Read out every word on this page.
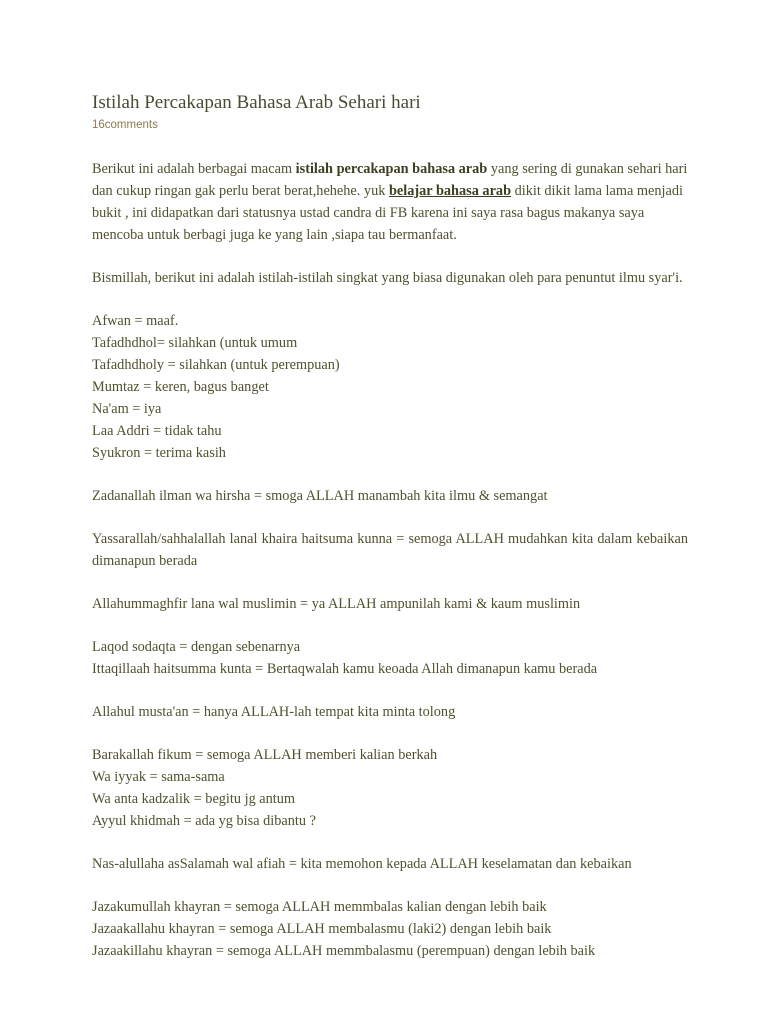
Istilah Percakapan Bahasa Arab Sehari hari
16comments

Berikut ini adalah berbagai macam istilah percakapan bahasa arab yang sering di gunakan sehari hari dan cukup ringan gak perlu berat berat,hehehe. yuk belajar bahasa arab dikit dikit lama lama menjadi bukit , ini didapatkan dari statusnya ustad candra di FB karena ini saya rasa bagus makanya saya mencoba untuk berbagi juga ke yang lain ,siapa tau bermanfaat.

Bismillah, berikut ini adalah istilah-istilah singkat yang biasa digunakan oleh para penuntut ilmu syar'i.

Afwan = maaf.
Tafadhdhol= silahkan (untuk umum
Tafadhdholy = silahkan (untuk perempuan)
Mumtaz = keren, bagus banget
Na'am = iya
Laa Addri = tidak tahu
Syukron = terima kasih

Zadanallah ilman wa hirsha = smoga ALLAH manambah kita ilmu & semangat

Yassarallah/sahhalallah lanal khaira haitsuma kunna = semoga ALLAH mudahkan kita dalam kebaikan dimanapun berada

Allahummaghfir lana wal muslimin = ya ALLAH ampunilah kami & kaum muslimin

Laqod sodaqta = dengan sebenarnya
Ittaqillaah haitsumma kunta = Bertaqwalah kamu keoada Allah dimanapun kamu berada

Allahul musta'an = hanya ALLAH-lah tempat kita minta tolong

Barakallah fikum = semoga ALLAH memberi kalian berkah
Wa iyyak = sama-sama
Wa anta kadzalik = begitu jg antum
Ayyul khidmah = ada yg bisa dibantu ?

Nas-alullaha asSalamah wal afiah = kita memohon kepada ALLAH keselamatan dan kebaikan

Jazakumullah khayran = semoga ALLAH memmbalas kalian dengan lebih baik
Jazaakallahu khayran = semoga ALLAH membalasmu (laki2) dengan lebih baik
Jazaakillahu khayran = semoga ALLAH memmbalasmu (perempuan) dengan lebih baik
